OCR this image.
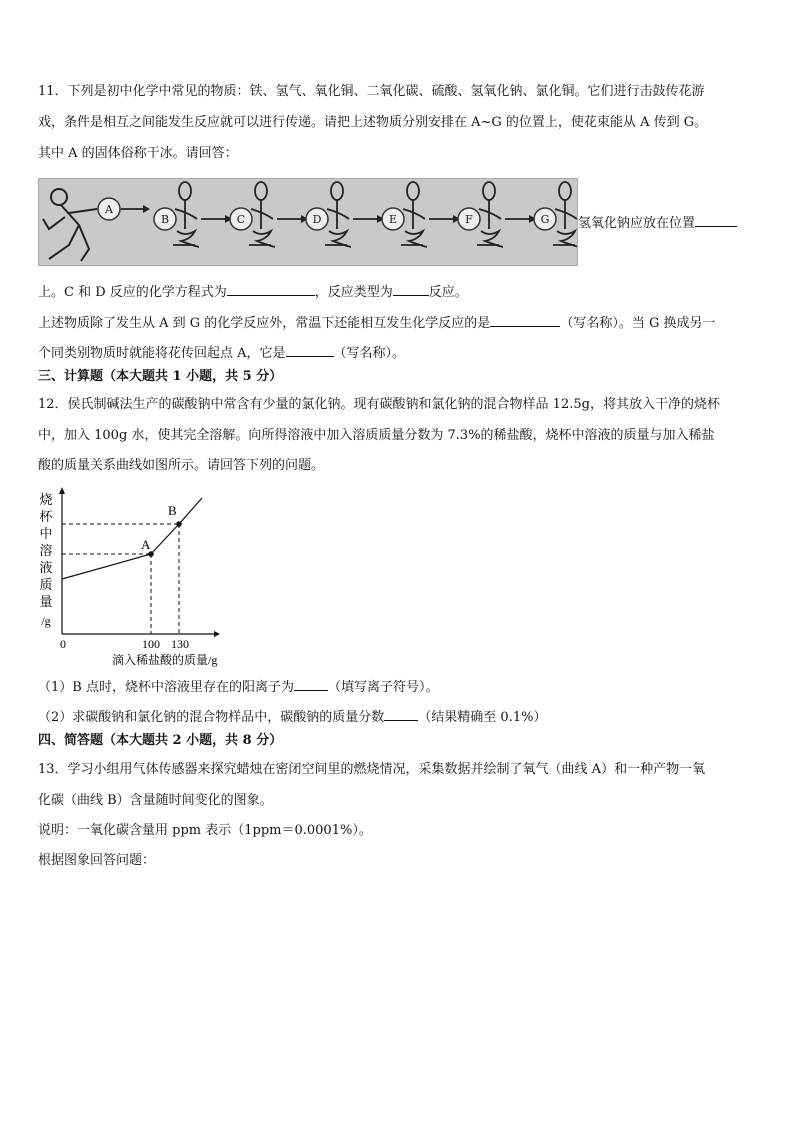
11．下列是初中化学中常见的物质：铁、氢气、氧化铜、二氧化碳、硫酸、氢氧化钠、氯化铜。它们进行击鼓传花游
戏，条件是相互之间能发生反应就可以进行传递。请把上述物质分别安排在 A~G 的位置上，使花束能从 A 传到 G。
其中 A 的固体俗称干冰。请回答：
A
B	C	D	E	F	G 氢氧化钠应放在位置
上。C 和 D 反应的化学方程式为	，反应类型为	反应。
上述物质除了发生从 A 到 G 的化学反应外，常温下还能相互发生化学反应的是	（写名称）。当 G 换成另一
个同类别物质时就能将花传回起点 A，它是	（写名称）。
三、计算题（本大题共 1 小题，共 5 分）
12．侯氏制碱法生产的碳酸钠中常含有少量的氯化钠。现有碳酸钠和氯化钠的混合物样品 12.5g，将其放入干净的烧杯
中，加入 100g 水，使其完全溶解。向所得溶液中加入溶质质量分数为 7.3%的稀盐酸，烧杯中溶液的质量与加入稀盐
酸的质量关系曲线如图所示。请回答下列的问题。
烧
杯
中
溶
液
质
量
/g
A
B
0	100 130
滴入稀盐酸的质量/g
（1）B 点时，烧杯中溶液里存在的阳离子为	（填写离子符号）。
（2）求碳酸钠和氯化钠的混合物样品中，碳酸钠的质量分数	（结果精确至 0.1%）
四、简答题（本大题共 2 小题，共 8 分）
13．学习小组用气体传感器来探究蜡烛在密闭空间里的燃烧情况，采集数据并绘制了氧气（曲线 A）和一种产物一氧
化碳（曲线 B）含量随时间变化的图象。
说明：一氧化碳含量用 ppm 表示（1ppm＝0.0001%）。
根据图象回答问题：
